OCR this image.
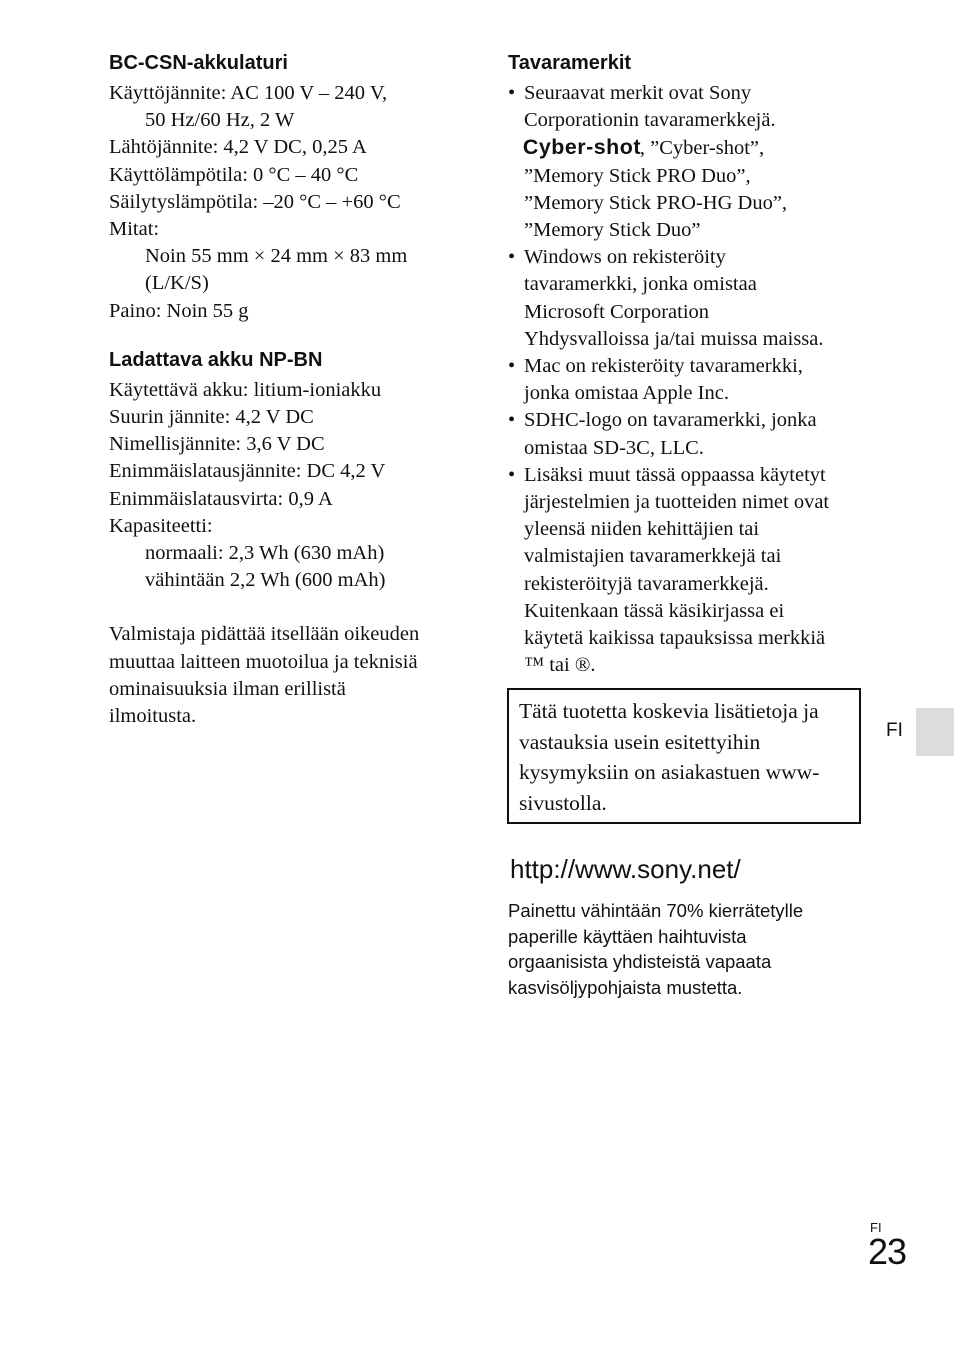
BC-CSN-akkulaturi
Käyttöjännite: AC 100 V – 240 V,
50 Hz/60 Hz, 2 W
Lähtöjännite: 4,2 V DC, 0,25 A
Käyttölämpötila: 0 °C – 40 °C
Säilytyslämpötila: –20 °C – +60 °C
Mitat:
Noin 55 mm × 24 mm × 83 mm
(L/K/S)
Paino: Noin 55 g
Ladattava akku NP-BN
Käytettävä akku: litium-ioniakku
Suurin jännite: 4,2 V DC
Nimellisjännite: 3,6 V DC
Enimmäislatausjännite: DC 4,2 V
Enimmäislatausvirta: 0,9 A
Kapasiteetti:
normaali: 2,3 Wh (630 mAh)
vähintään 2,2 Wh (600 mAh)
Valmistaja pidättää itsellään oikeuden
muuttaa laitteen muotoilua ja teknisiä
ominaisuuksia ilman erillistä
ilmoitusta.
Tavaramerkit
• Seuraavat merkit ovat Sony
Corporationin tavaramerkkejä.
Cyber-shot, ”Cyber-shot”,
”Memory Stick PRO Duo”,
”Memory Stick PRO-HG Duo”,
”Memory Stick Duo”
• Windows on rekisteröity
tavaramerkki, jonka omistaa
Microsoft Corporation
Yhdysvalloissa ja/tai muissa maissa.
• Mac on rekisteröity tavaramerkki,
jonka omistaa Apple Inc.
• SDHC-logo on tavaramerkki, jonka
omistaa SD-3C, LLC.
• Lisäksi muut tässä oppaassa käytetyt
järjestelmien ja tuotteiden nimet ovat
yleensä niiden kehittäjien tai
valmistajien tavaramerkkejä tai
rekisteröityjä tavaramerkkejä.
Kuitenkaan tässä käsikirjassa ei
käytetä kaikissa tapauksissa merkkiä
™ tai ®.
Tätä tuotetta koskevia lisätietoja ja
vastauksia usein esitettyihin
kysymyksiin on asiakastuen www-
sivustolla.
http://www.sony.net/
Painettu vähintään 70% kierrätetylle
paperille käyttäen haihtuvista
orgaanisista yhdisteistä vapaata
kasvisöljypohjaista mustetta.
FI
FI
23
